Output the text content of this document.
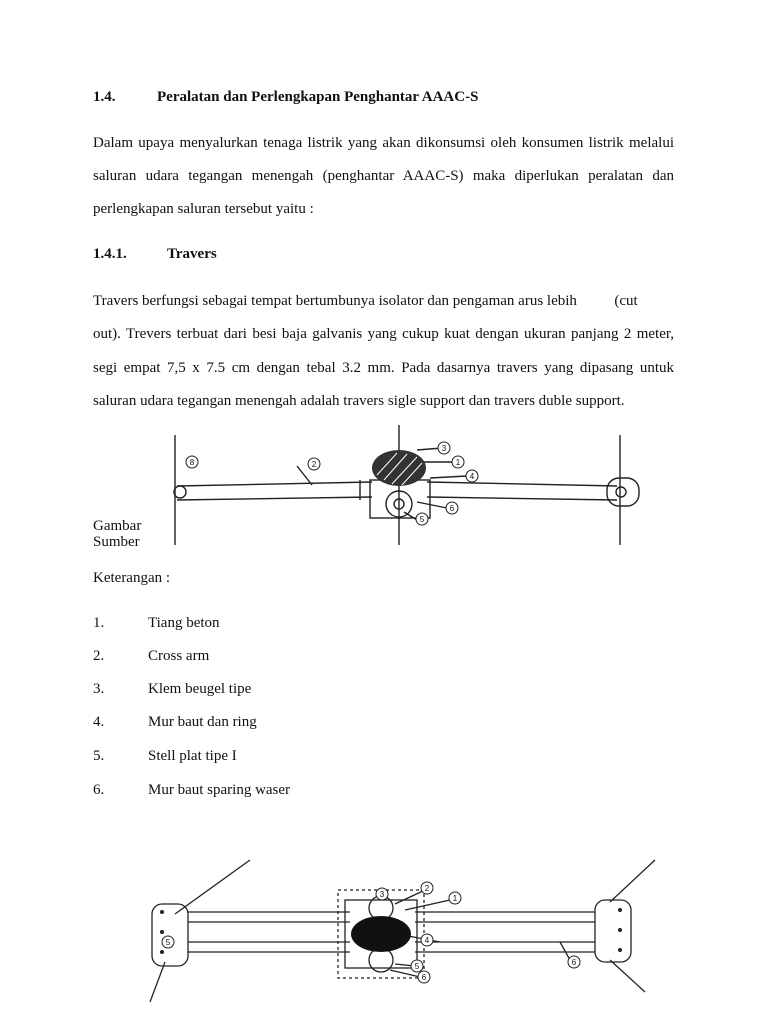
1.4.	Peralatan dan Perlengkapan Penghantar AAAC-S
Dalam upaya menyalurkan tenaga listrik yang akan dikonsumsi oleh konsumen listrik melalui
saluran udara tegangan menengah (penghantar AAAC-S) maka diperlukan peralatan dan
perlengkapan saluran tersebut yaitu :
1.4.1.	Travers
Travers berfungsi sebagai tempat bertumbunya isolator dan pengaman arus lebih          (cut
out). Trevers terbuat dari besi baja galvanis yang cukup kuat dengan ukuran panjang 2 meter,
segi empat 7,5 x 7.5 cm dengan tebal 3.2 mm. Pada dasarnya travers yang dipasang untuk
saluran udara tegangan menengah adalah travers sigle support dan travers duble support.
Gambar
Sumber
8	2
3
1
4
6
5
Keterangan :
1.	Tiang beton
2.	Cross arm
3.	Klem beugel tipe
4.	Mur baut dan ring
5.	Stell plat tipe I
6.	Mur baut sparing waser
1
2
3
4
5
6
6
5
